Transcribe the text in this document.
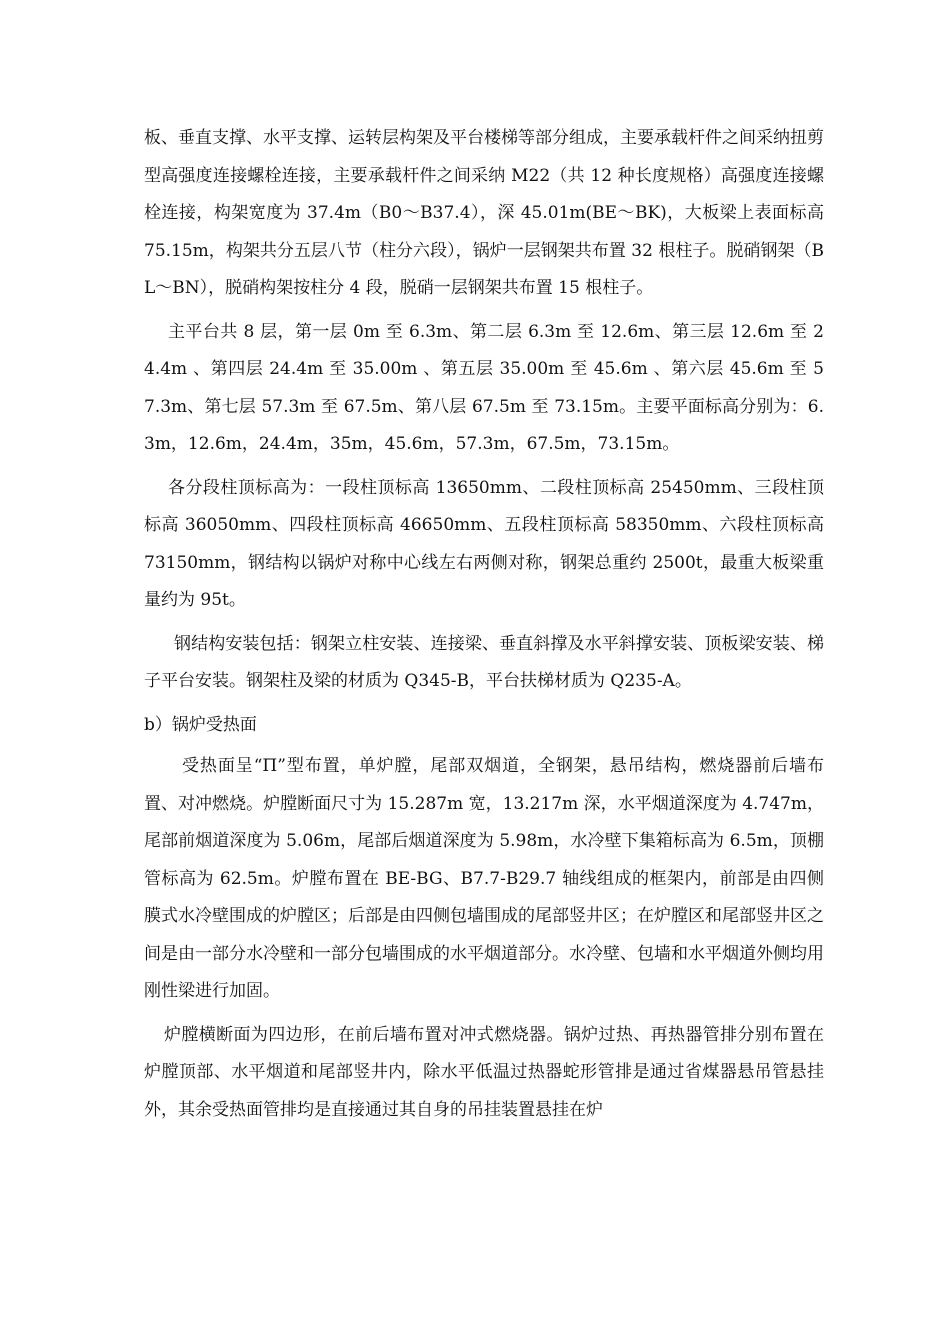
板、垂直支撑、水平支撑、运转层构架及平台楼梯等部分组成，主要承载杆件之间采纳扭剪型高强度连接螺栓连接，主要承载杆件之间采纳 M22（共 12 种长度规格）高强度连接螺栓连接，构架宽度为 37.4m（B0～B37.4），深 45.01m(BE～BK)，大板梁上表面标高 75.15m，构架共分五层八节（柱分六段），锅炉一层钢架共布置 32 根柱子。脱硝钢架（BL～BN），脱硝构架按柱分 4 段，脱硝一层钢架共布置 15 根柱子。

主平台共 8 层，第一层 0m 至 6.3m、第二层 6.3m 至 12.6m、第三层 12.6m 至 24.4m 、第四层 24.4m 至 35.00m 、第五层 35.00m 至 45.6m 、第六层 45.6m 至 57.3m、第七层 57.3m 至 67.5m、第八层 67.5m 至 73.15m。主要平面标高分别为：6.3m，12.6m，24.4m，35m，45.6m，57.3m，67.5m，73.15m。

各分段柱顶标高为：一段柱顶标高 13650mm、二段柱顶标高 25450mm、三段柱顶标高 36050mm、四段柱顶标高 46650mm、五段柱顶标高 58350mm、六段柱顶标高 73150mm，钢结构以锅炉对称中心线左右两侧对称，钢架总重约 2500t，最重大板梁重量约为 95t。

钢结构安装包括：钢架立柱安装、连接梁、垂直斜撑及水平斜撑安装、顶板梁安装、梯子平台安装。钢架柱及梁的材质为 Q345-B，平台扶梯材质为 Q235-A。

b）锅炉受热面

受热面呈“П”型布置，单炉膛，尾部双烟道，全钢架，悬吊结构，燃烧器前后墙布置、对冲燃烧。炉膛断面尺寸为 15.287m 宽，13.217m 深，水平烟道深度为 4.747m，尾部前烟道深度为 5.06m，尾部后烟道深度为 5.98m，水冷壁下集箱标高为 6.5m，顶棚管标高为 62.5m。炉膛布置在 BE-BG、B7.7-B29.7 轴线组成的框架内，前部是由四侧膜式水冷壁围成的炉膛区；后部是由四侧包墙围成的尾部竖井区；在炉膛区和尾部竖井区之间是由一部分水冷壁和一部分包墙围成的水平烟道部分。水冷壁、包墙和水平烟道外侧均用刚性梁进行加固。

炉膛横断面为四边形，在前后墙布置对冲式燃烧器。锅炉过热、再热器管排分别布置在炉膛顶部、水平烟道和尾部竖井内，除水平低温过热器蛇形管排是通过省煤器悬吊管悬挂外，其余受热面管排均是直接通过其自身的吊挂装置悬挂在炉
